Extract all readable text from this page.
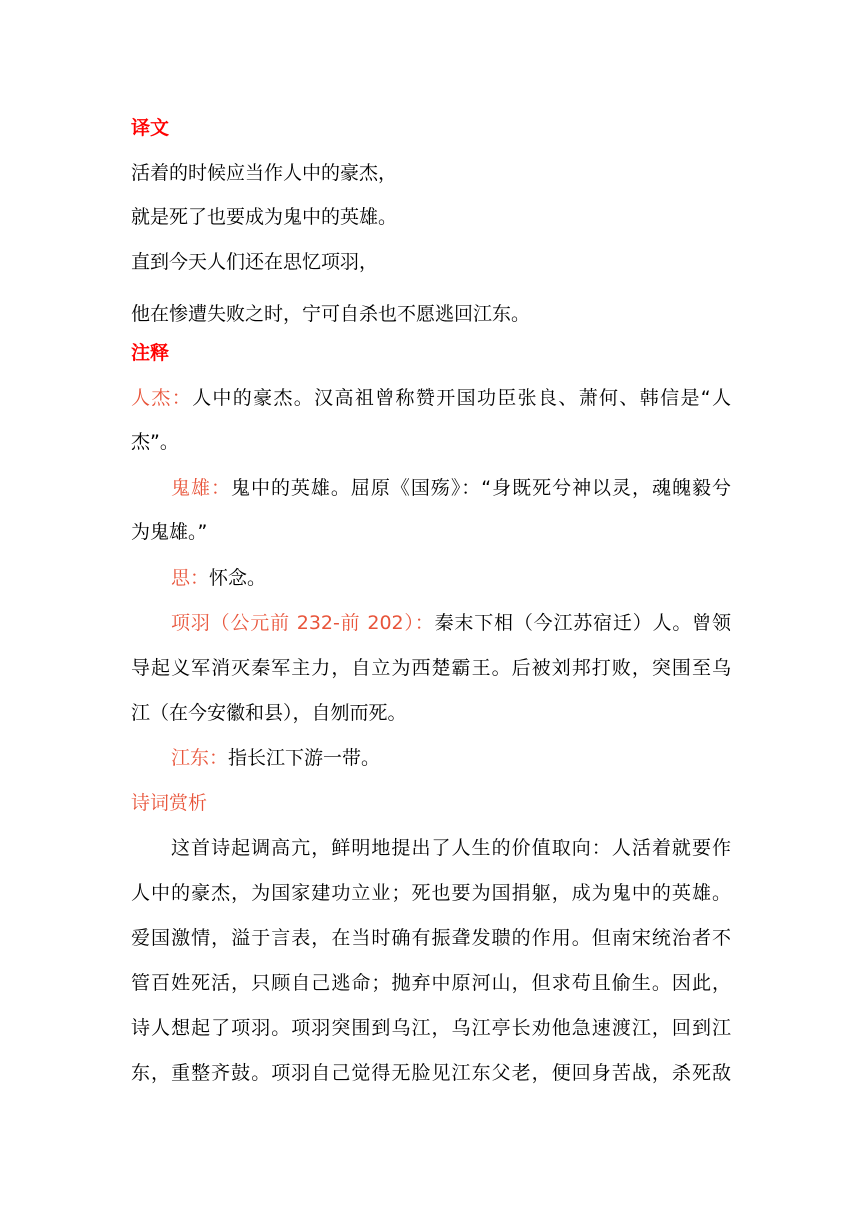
译文
活着的时候应当作人中的豪杰，
就是死了也要成为鬼中的英雄。
直到今天人们还在思忆项羽，
他在惨遭失败之时，宁可自杀也不愿逃回江东。
注释
人杰：人中的豪杰。汉高祖曾称赞开国功臣张良、萧何、韩信是“人
杰”。
鬼雄：鬼中的英雄。屈原《国殇》：“身既死兮神以灵，魂魄毅兮
为鬼雄。”
思：怀念。
项羽（公元前 232-前 202）：秦末下相（今江苏宿迁）人。曾领
导起义军消灭秦军主力，自立为西楚霸王。后被刘邦打败，突围至乌
江（在今安徽和县），自刎而死。
江东：指长江下游一带。
诗词赏析
这首诗起调高亢，鲜明地提出了人生的价值取向：人活着就要作
人中的豪杰，为国家建功立业；死也要为国捐躯，成为鬼中的英雄。
爱国激情，溢于言表，在当时确有振聋发聩的作用。但南宋统治者不
管百姓死活，只顾自己逃命；抛弃中原河山，但求苟且偷生。因此，
诗人想起了项羽。项羽突围到乌江，乌江亭长劝他急速渡江，回到江
东，重整齐鼓。项羽自己觉得无脸见江东父老，便回身苦战，杀死敌
